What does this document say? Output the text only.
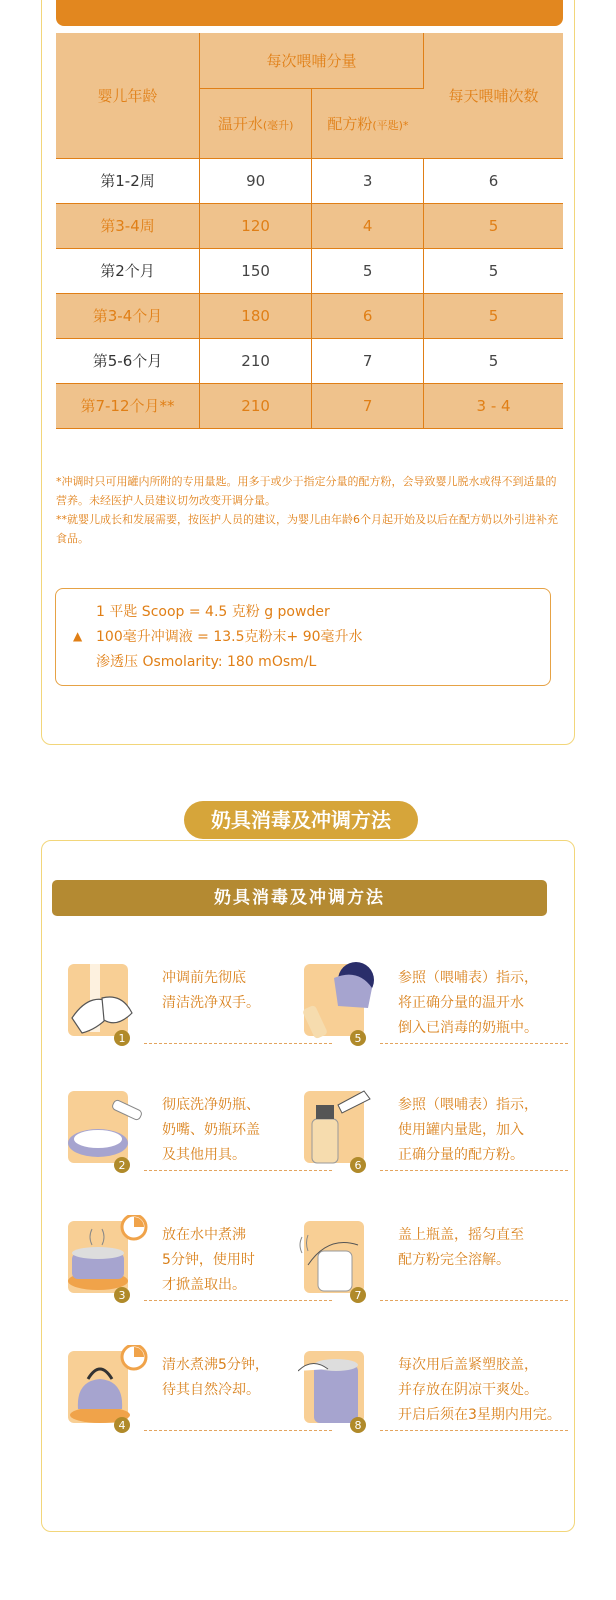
婴儿年龄	每次喂哺分量		每天喂哺次数
	温开水(毫升)	配方粉(平匙)*	
第1-2周	90	3	6
第3-4周	120	4	5
第2个月	150	5	5
第3-4个月	180	6	5
第5-6个月	210	7	5
第7-12个月**	210	7	3 - 4
*冲调时只可用罐内所附的专用量匙。用多于或少于指定分量的配方粉，会导致婴儿脱水或得不到适量的营养。未经医护人员建议切勿改变开调分量。
**就婴儿成长和发展需要，按医护人员的建议，为婴儿由年龄6个月起开始及以后在配方奶以外引进补充食品。
1 平匙 Scoop = 4.5 克粉 g powder
▲ 100毫升冲调液 = 13.5克粉末+ 90毫升水
渗透压 Osmolarity: 180 mOsm/L
奶具消毒及冲调方法
奶具消毒及冲调方法
1
冲调前先彻底
清洁洗净双手。
2
彻底洗净奶瓶、
奶嘴、奶瓶环盖
及其他用具。
3
放在水中煮沸
5分钟，使用时
才掀盖取出。
4
清水煮沸5分钟，
待其自然冷却。
5
参照（喂哺表）指示，
将正确分量的温开水
倒入已消毒的奶瓶中。
6
参照（喂哺表）指示，
使用罐内量匙，加入
正确分量的配方粉。
7
盖上瓶盖，摇匀直至
配方粉完全溶解。
8
每次用后盖紧塑胶盖，
并存放在阴凉干爽处。
开启后须在3星期内用完。
